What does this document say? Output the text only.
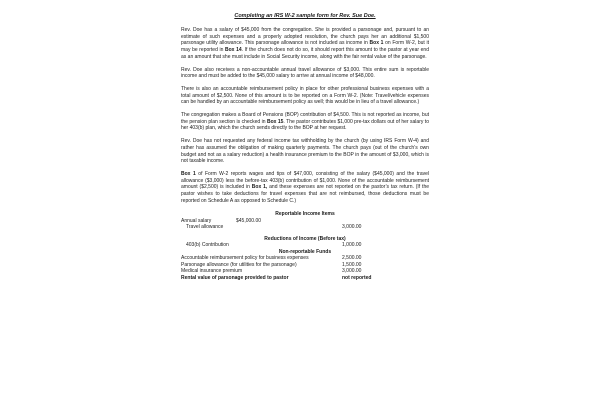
Completing an IRS W-2 sample form for Rev. Sue Doe.

Rev. Doe has a salary of $45,000 from the congregation. She is provided a parsonage and, pursuant to an estimate of such expenses and a properly adopted resolution, the church pays her an additional $1,500 parsonage utility allowance. This parsonage allowance is not included as income in Box 1 on Form W-2, but it may be reported in Box 14. If the church does not do so, it should report this amount to the pastor at year end as an amount that she must include in Social Security income, along with the fair rental value of the parsonage.

Rev. Doe also receives a non-accountable annual travel allowance of $3,000. This entire sum is reportable income and must be added to the $45,000 salary to arrive at annual income of $48,000.

There is also an accountable reimbursement policy in place for other professional business expenses with a total amount of $2,500. None of this amount is to be reported on a Form W-2. (Note: Travel/vehicle expenses can be handled by an accountable reimbursement policy as well; this would be in lieu of a travel allowance.)

The congregation makes a Board of Pensions (BOP) contribution of $4,500. This is not reported as income, but the pension plan section is checked in Box 15. The pastor contributes $1,000 pre-tax dollars out of her salary to her 403(b) plan, which the church sends directly to the BOP at her request.

Rev. Doe has not requested any federal income tax withholding by the church (by using IRS Form W-4) and rather has assumed the obligation of making quarterly payments. The church pays (out of the church’s own budget and not as a salary reduction) a health insurance premium to the BOP in the amount of $3,000, which is not taxable income.

Box 1 of Form W-2 reports wages and tips of $47,000, consisting of the salary ($45,000) and the travel allowance ($3,000) less the before-tax 403(b) contribution of $1,000. None of the accountable reimbursement amount ($2,500) is included in Box 1, and these expenses are not reported on the pastor’s tax return. (If the pastor wishes to take deductions for travel expenses that are not reimbursed, those deductions must be reported on Schedule A as opposed to Schedule C.)

Reportable Income Items
Annual salary	$45,000.00
Travel allowance	3,000.00
Reductions of Income (Before tax)
403(b) Contribution	1,000.00
Non-reportable Funds
Accountable reimbursement policy for business expenses	2,500.00
Parsonage allowance (for utilities for the parsonage)	1,500.00
Medical insurance premium	3,000.00
Rental value of parsonage provided to pastor	not reported
